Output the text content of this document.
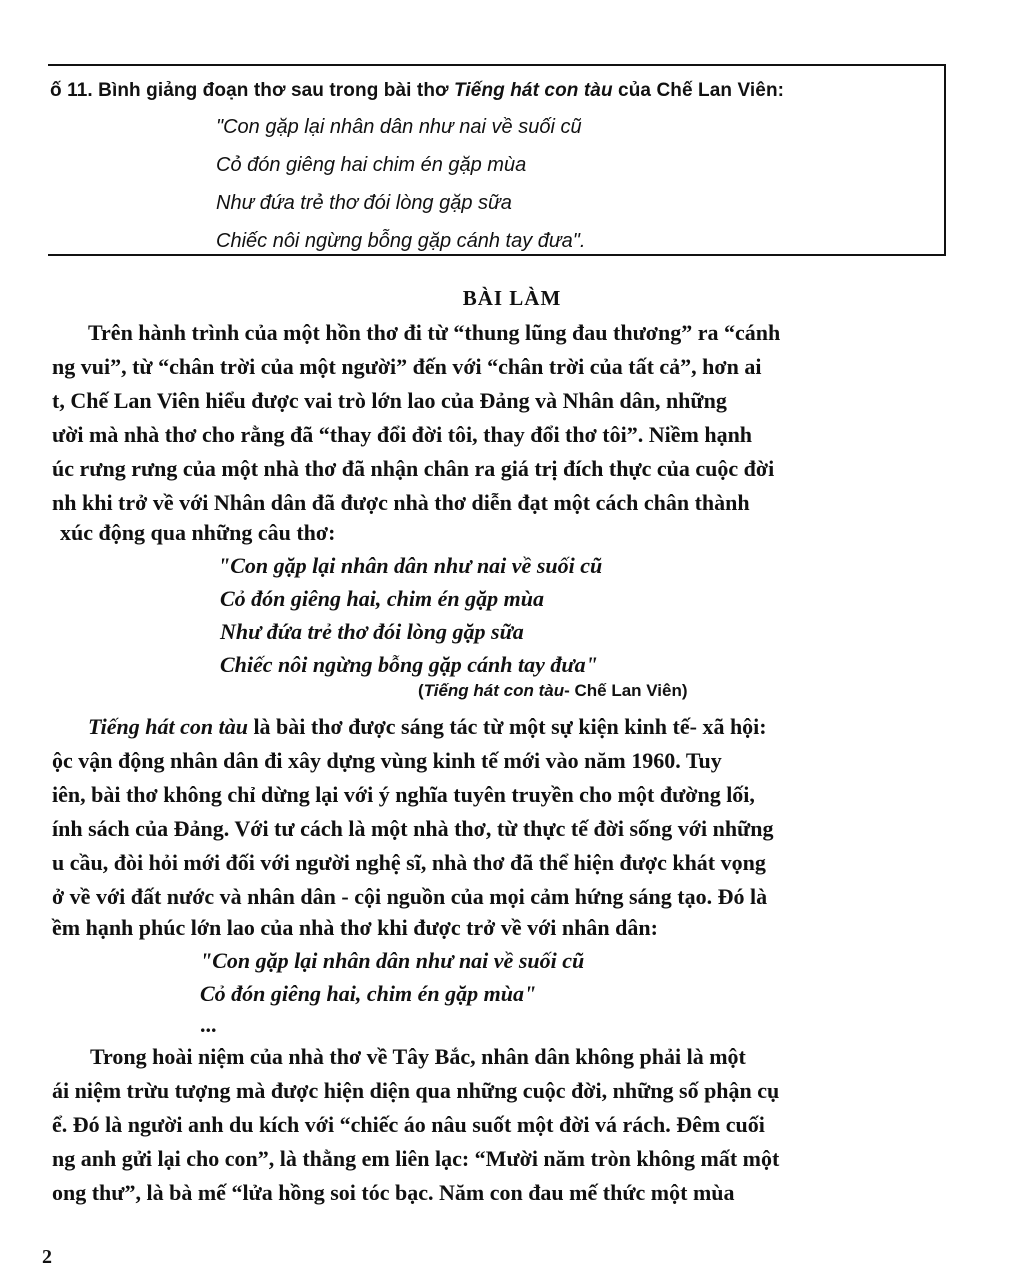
ố 11. Bình giảng đoạn thơ sau trong bài thơ Tiếng hát con tàu của Chế Lan Viên:
"Con gặp lại nhân dân như nai về suối cũ
Cỏ đón giêng hai chim én gặp mùa
Như đứa trẻ thơ đói lòng gặp sữa
Chiếc nôi ngừng bỗng gặp cánh tay đưa".
BÀI LÀM
Trên hành trình của một hồn thơ đi từ “thung lũng đau thương” ra “cánh
ng vui”, từ “chân trời của một người” đến với “chân trời của tất cả”, hơn ai
t, Chế Lan Viên hiểu được vai trò lớn lao của Đảng và Nhân dân, những
ười mà nhà thơ cho rằng đã “thay đổi đời tôi, thay đổi thơ tôi”. Niềm hạnh
úc rưng rưng của một nhà thơ đã nhận chân ra giá trị đích thực của cuộc đời
nh khi trở về với Nhân dân đã được nhà thơ diễn đạt một cách chân thành
xúc động qua những câu thơ:
"Con gặp lại nhân dân như nai về suối cũ
Cỏ đón giêng hai, chim én gặp mùa
Như đứa trẻ thơ đói lòng gặp sữa
Chiếc nôi ngừng bỗng gặp cánh tay đưa"
(Tiếng hát con tàu- Chế Lan Viên)
Tiếng hát con tàu là bài thơ được sáng tác từ một sự kiện kinh tế- xã hội:
ộc vận động nhân dân đi xây dựng vùng kinh tế mới vào năm 1960. Tuy
iên, bài thơ không chỉ dừng lại với ý nghĩa tuyên truyền cho một đường lối,
ính sách của Đảng. Với tư cách là một nhà thơ, từ thực tế đời sống với những
u cầu, đòi hỏi mới đối với người nghệ sĩ, nhà thơ đã thể hiện được khát vọng
ở về với đất nước và nhân dân - cội nguồn của mọi cảm hứng sáng tạo. Đó là
ềm hạnh phúc lớn lao của nhà thơ khi được trở về với nhân dân:
"Con gặp lại nhân dân như nai về suối cũ
Cỏ đón giêng hai, chim én gặp mùa"
...
Trong hoài niệm của nhà thơ về Tây Bắc, nhân dân không phải là một
ái niệm trừu tượng mà được hiện diện qua những cuộc đời, những số phận cụ
ể. Đó là người anh du kích với “chiếc áo nâu suốt một đời vá rách. Đêm cuối
ng anh gửi lại cho con”, là thằng em liên lạc: “Mười năm tròn không mất một
ong thư”, là bà mế “lửa hồng soi tóc bạc. Năm con đau mế thức một mùa
2
